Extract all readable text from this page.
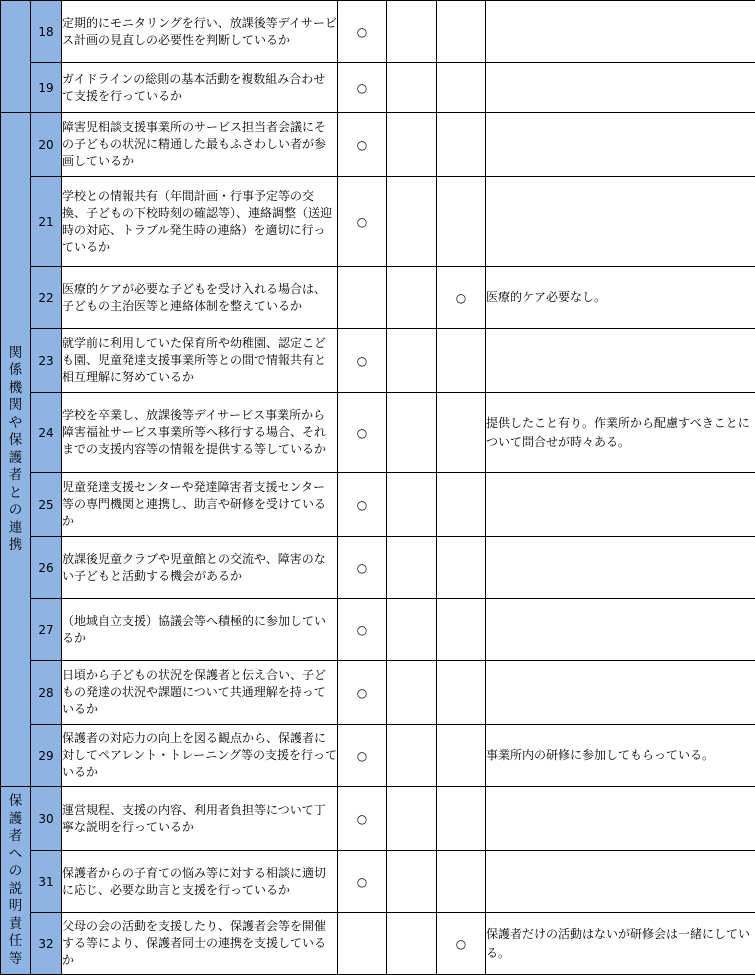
	18	定期的にモニタリングを行い、放課後等デイサービス計画の見直しの必要性を判断しているか	○			
	19	ガイドラインの総則の基本活動を複数組み合わせて支援を行っているか	○			
関係機関や保護者との連携	20	障害児相談支援事業所のサービス担当者会議にその子どもの状況に精通した最もふさわしい者が参画しているか	○			
	21	学校との情報共有（年間計画・行事予定等の交換、子どもの下校時刻の確認等）、連絡調整（送迎時の対応、トラブル発生時の連絡）を適切に行っているか	○			
	22	医療的ケアが必要な子どもを受け入れる場合は、子どもの主治医等と連絡体制を整えているか			○	医療的ケア必要なし。
	23	就学前に利用していた保育所や幼稚園、認定こども園、児童発達支援事業所等との間で情報共有と相互理解に努めているか	○			
	24	学校を卒業し、放課後等デイサービス事業所から障害福祉サービス事業所等へ移行する場合、それまでの支援内容等の情報を提供する等しているか	○			提供したこと有り。作業所から配慮すべきことについて問合せが時々ある。
	25	児童発達支援センターや発達障害者支援センター等の専門機関と連携し、助言や研修を受けているか	○			
	26	放課後児童クラブや児童館との交流や、障害のない子どもと活動する機会があるか	○			
	27	（地域自立支援）協議会等へ積極的に参加しているか	○			
	28	日頃から子どもの状況を保護者と伝え合い、子どもの発達の状況や課題について共通理解を持っているか	○			
	29	保護者の対応力の向上を図る観点から、保護者に対してペアレント・トレーニング等の支援を行っているか	○			事業所内の研修に参加してもらっている。
保護者への説明責任等	30	運営規程、支援の内容、利用者負担等について丁寧な説明を行っているか	○			
	31	保護者からの子育ての悩み等に対する相談に適切に応じ、必要な助言と支援を行っているか	○			
	32	父母の会の活動を支援したり、保護者会等を開催する等により、保護者同士の連携を支援しているか			○	保護者だけの活動はないが研修会は一緒にしている。
